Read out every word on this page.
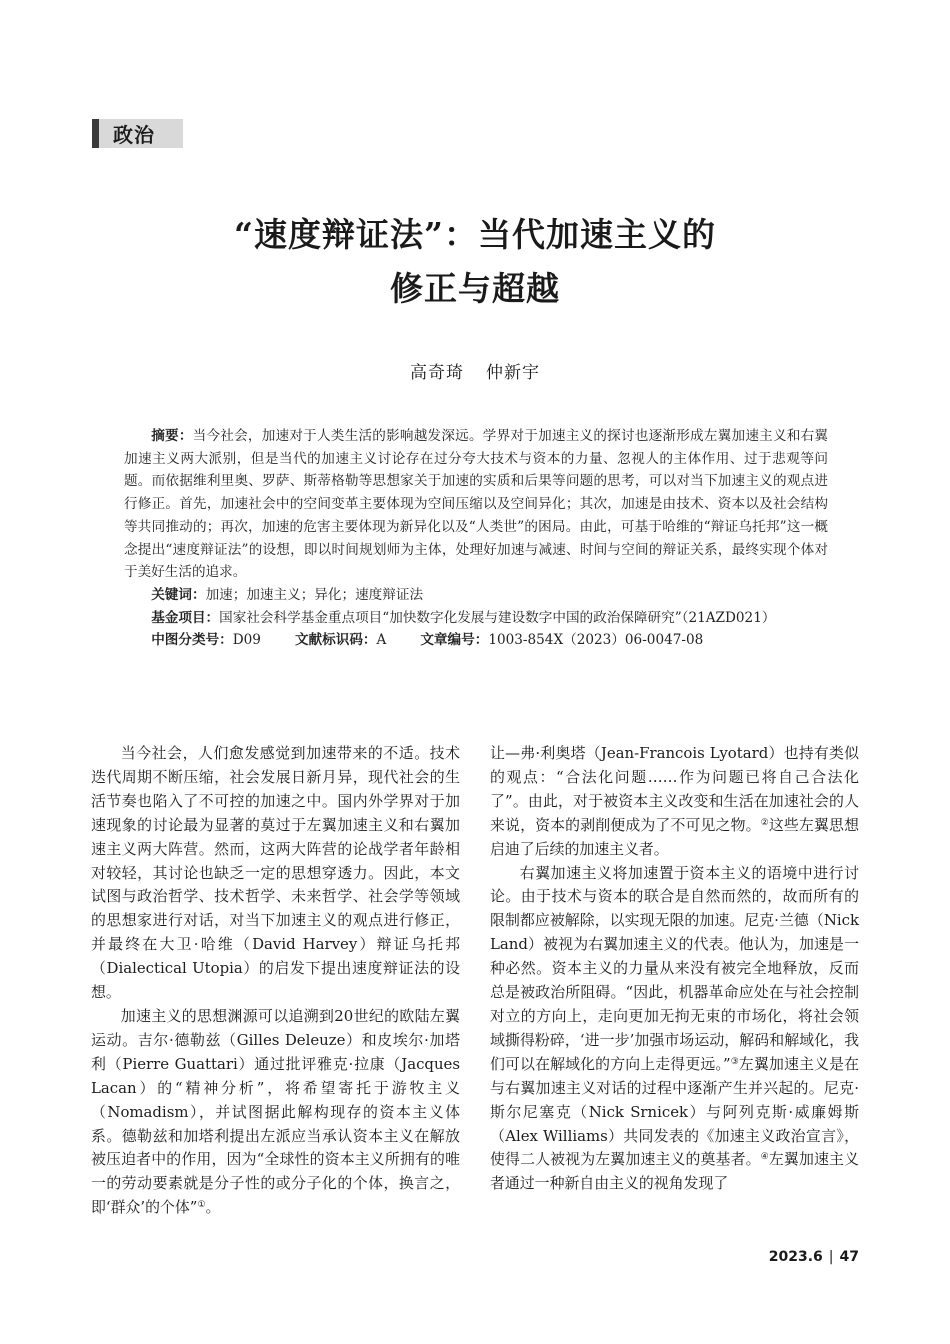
政治
“速度辩证法”：当代加速主义的
修正与超越
高奇琦 仲新宇

摘要：当今社会，加速对于人类生活的影响越发深远。学界对于加速主义的探讨也逐渐形成左翼加速主义和右翼加速主义两大派别，但是当代的加速主义讨论存在过分夸大技术与资本的力量、忽视人的主体作用、过于悲观等问题。而依据维利里奥、罗萨、斯蒂格勒等思想家关于加速的实质和后果等问题的思考，可以对当下加速主义的观点进行修正。首先，加速社会中的空间变革主要体现为空间压缩以及空间异化；其次，加速是由技术、资本以及社会结构等共同推动的；再次，加速的危害主要体现为新异化以及“人类世”的困局。由此，可基于哈维的“辩证乌托邦”这一概念提出“速度辩证法”的设想，即以时间规划师为主体，处理好加速与减速、时间与空间的辩证关系，最终实现个体对于美好生活的追求。

关键词：加速；加速主义；异化；速度辩证法

基金项目：国家社会科学基金重点项目“加快数字化发展与建设数字中国的政治保障研究”（21AZD021）

中图分类号：D09	文献标识码：A	文章编号：1003-854X（2023）06-0047-08

当今社会，人们愈发感觉到加速带来的不适。技术迭代周期不断压缩，社会发展日新月异，现代社会的生活节奏也陷入了不可控的加速之中。国内外学界对于加速现象的讨论最为显著的莫过于左翼加速主义和右翼加速主义两大阵营。然而，这两大阵营的论战学者年龄相对较轻，其讨论也缺乏一定的思想穿透力。因此，本文试图与政治哲学、技术哲学、未来哲学、社会学等领域的思想家进行对话，对当下加速主义的观点进行修正，并最终在大卫·哈维（David Harvey）辩证乌托邦（Dialectical Utopia）的启发下提出速度辩证法的设想。

加速主义的思想渊源可以追溯到20世纪的欧陆左翼运动。吉尔·德勒兹（Gilles Deleuze）和皮埃尔·加塔利（Pierre Guattari）通过批评雅克·拉康（Jacques Lacan）的“精神分析”，将希望寄托于游牧主义（Nomadism），并试图据此解构现存的资本主义体系。德勒兹和加塔利提出左派应当承认资本主义在解放被压迫者中的作用，因为“全球性的资本主义所拥有的唯一的劳动要素就是分子性的或分子化的个体，换言之，即‘群众’的个体”①。

让—弗·利奥塔（Jean-Francois Lyotard）也持有类似的观点：“合法化问题……作为问题已将自己合法化了”。由此，对于被资本主义改变和生活在加速社会的人来说，资本的剥削便成为了不可见之物。②这些左翼思想启迪了后续的加速主义者。

右翼加速主义将加速置于资本主义的语境中进行讨论。由于技术与资本的联合是自然而然的，故而所有的限制都应被解除，以实现无限的加速。尼克·兰德（Nick Land）被视为右翼加速主义的代表。他认为，加速是一种必然。资本主义的力量从来没有被完全地释放，反而总是被政治所阻碍。“因此，机器革命应处在与社会控制对立的方向上，走向更加无拘无束的市场化，将社会领域撕得粉碎，‘进一步’加强市场运动，解码和解域化，我们可以在解域化的方向上走得更远。”③左翼加速主义是在与右翼加速主义对话的过程中逐渐产生并兴起的。尼克·斯尔尼塞克（Nick Srnicek）与阿列克斯·威廉姆斯（Alex Williams）共同发表的《加速主义政治宣言》，使得二人被视为左翼加速主义的奠基者。④左翼加速主义者通过一种新自由主义的视角发现了

2023.6 | 47
